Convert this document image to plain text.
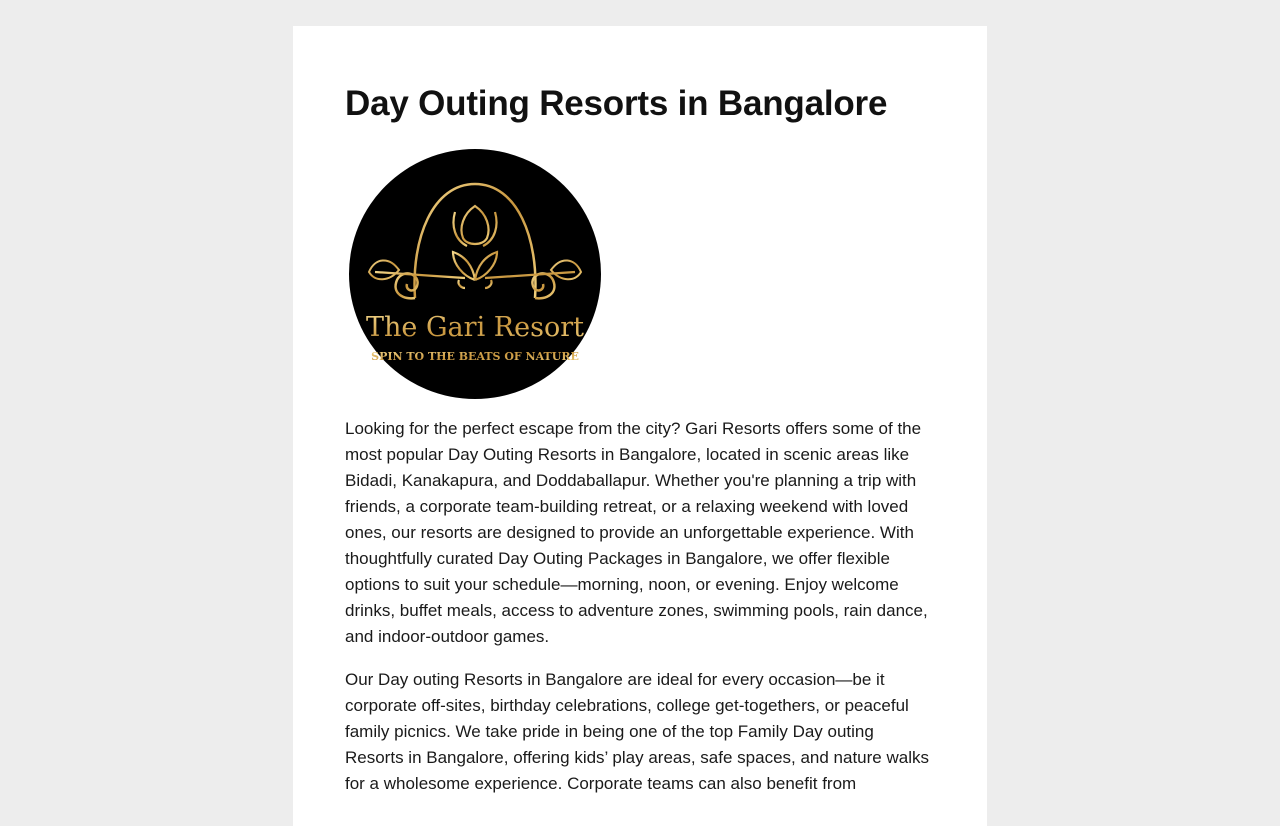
Day Outing Resorts in Bangalore
The Gari Resort
SPIN TO THE BEATS OF NATURE

Looking for the perfect escape from the city? Gari Resorts offers some of the most popular Day Outing Resorts in Bangalore, located in scenic areas like Bidadi, Kanakapura, and Doddaballapur. Whether you're planning a trip with friends, a corporate team-building retreat, or a relaxing weekend with loved ones, our resorts are designed to provide an unforgettable experience. With thoughtfully curated Day Outing Packages in Bangalore, we offer flexible options to suit your schedule—morning, noon, or evening. Enjoy welcome drinks, buffet meals, access to adventure zones, swimming pools, rain dance, and indoor-outdoor games.

Our Day outing Resorts in Bangalore are ideal for every occasion—be it corporate off-sites, birthday celebrations, college get-togethers, or peaceful family picnics. We take pride in being one of the top Family Day outing Resorts in Bangalore, offering kids’ play areas, safe spaces, and nature walks for a wholesome experience. Corporate teams can also benefit from
